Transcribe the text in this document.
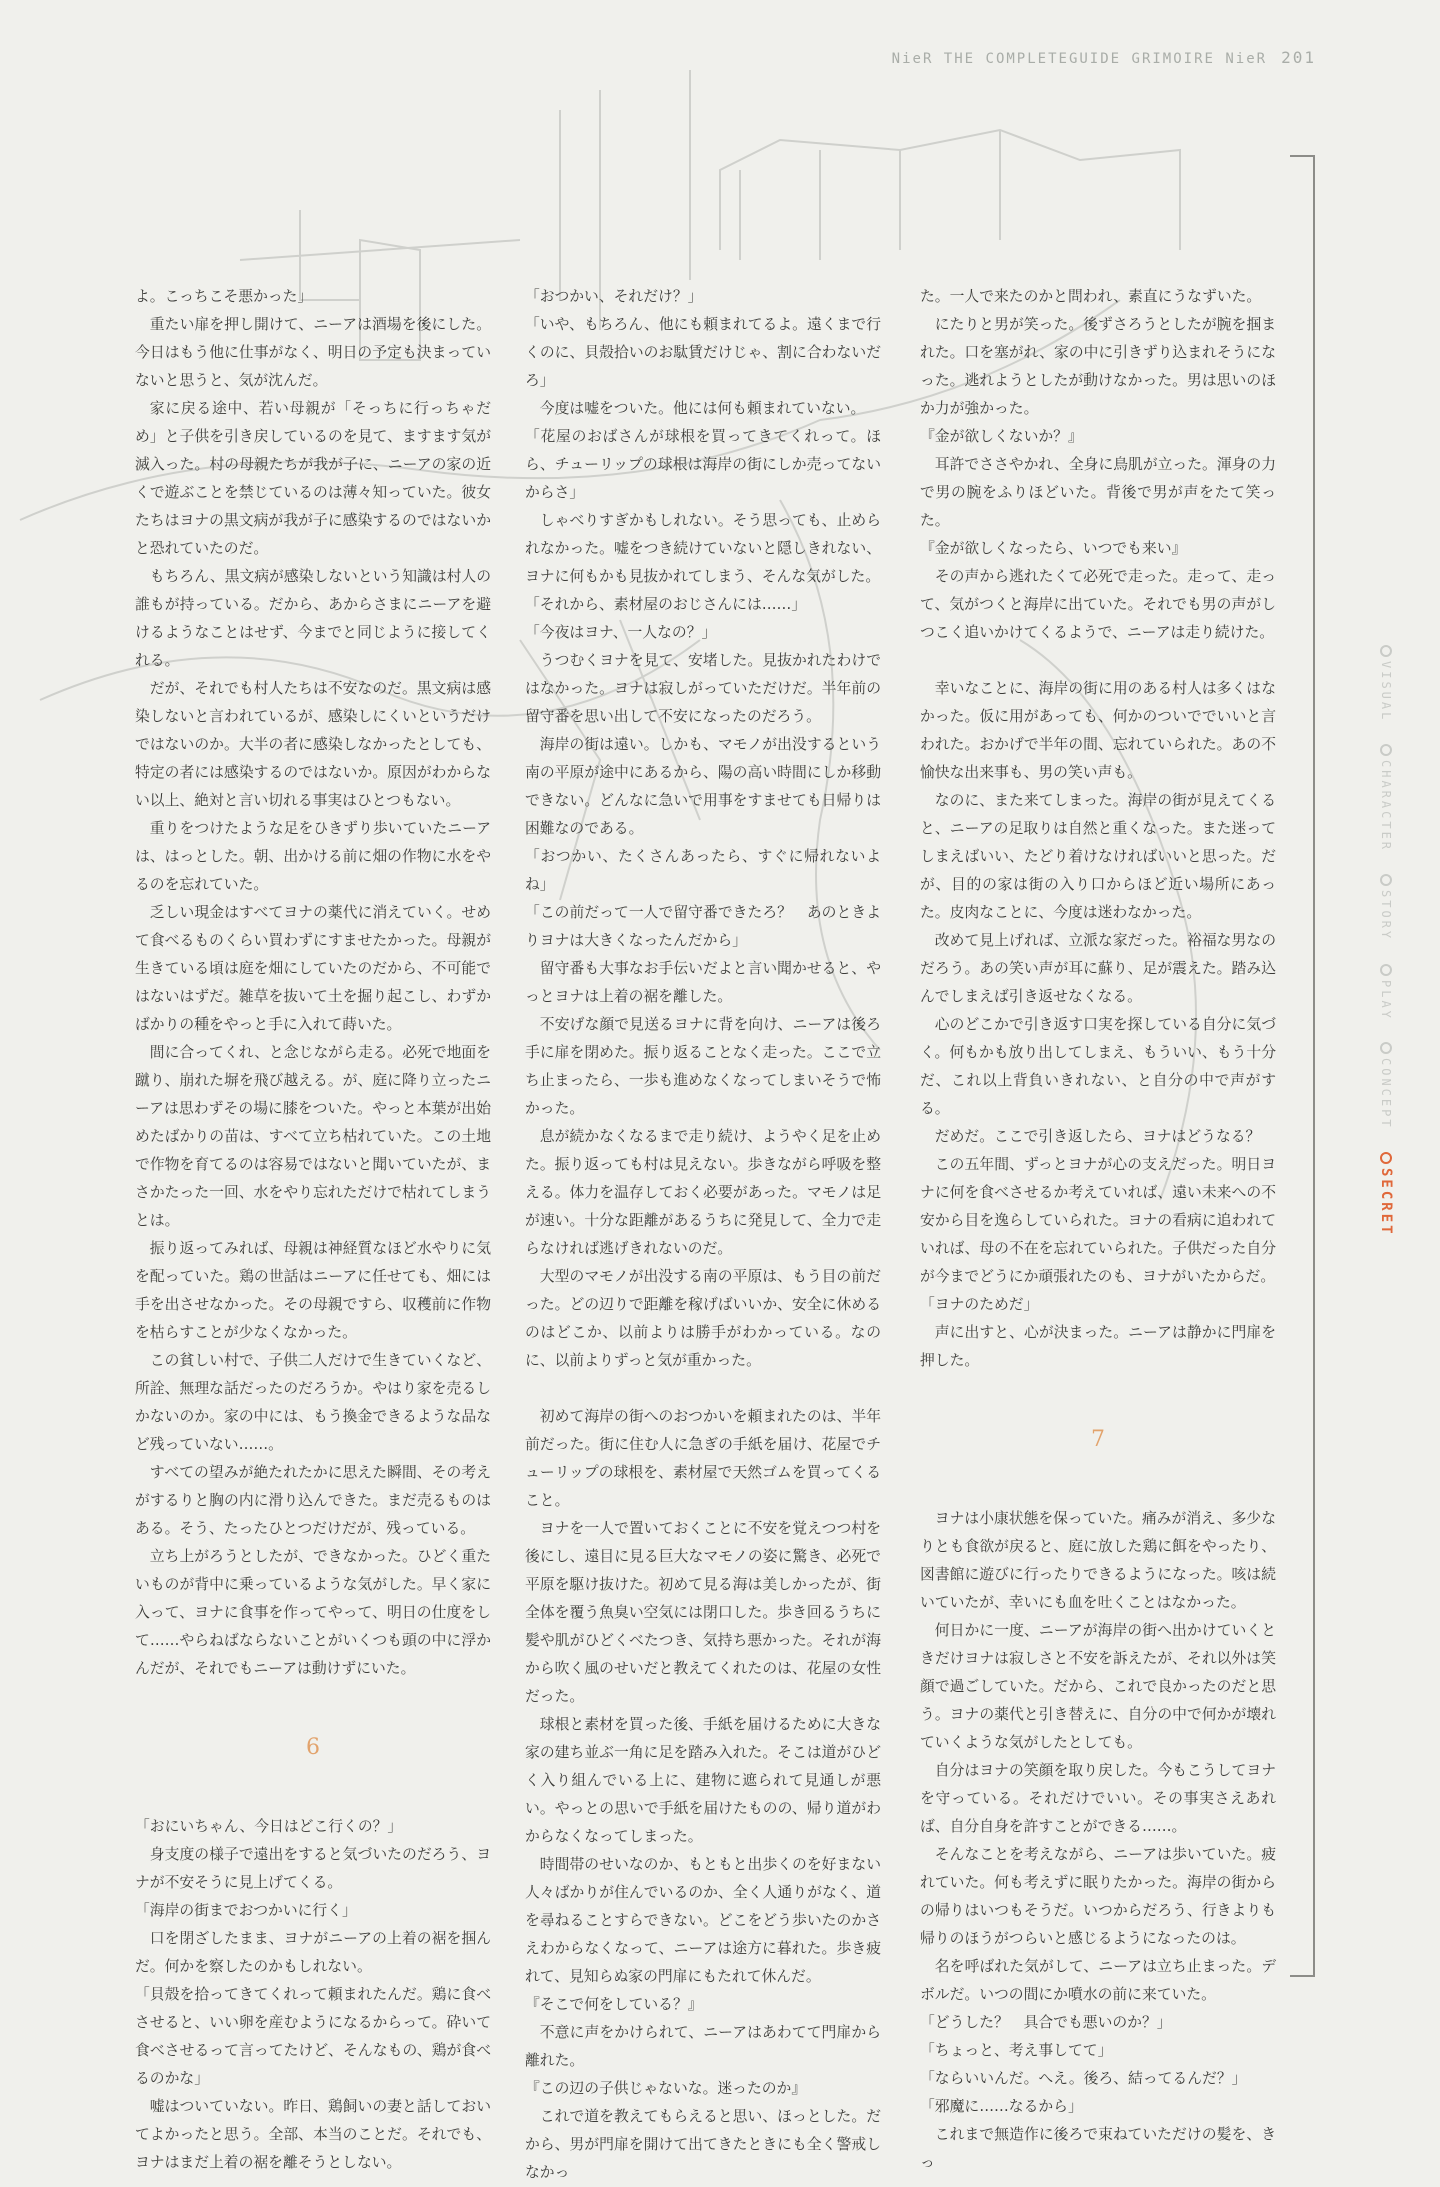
NieR THE COMPLETEGUIDE GRIMOIRE NieR 201

よ。こっちこそ悪かった」

重たい扉を押し開けて、ニーアは酒場を後にした。今日はもう他に仕事がなく、明日の予定も決まっていないと思うと、気が沈んだ。

家に戻る途中、若い母親が「そっちに行っちゃだめ」と子供を引き戻しているのを見て、ますます気が滅入った。村の母親たちが我が子に、ニーアの家の近くで遊ぶことを禁じているのは薄々知っていた。彼女たちはヨナの黒文病が我が子に感染するのではないかと恐れていたのだ。

もちろん、黒文病が感染しないという知識は村人の誰もが持っている。だから、あからさまにニーアを避けるようなことはせず、今までと同じように接してくれる。

だが、それでも村人たちは不安なのだ。黒文病は感染しないと言われているが、感染しにくいというだけではないのか。大半の者に感染しなかったとしても、特定の者には感染するのではないか。原因がわからない以上、絶対と言い切れる事実はひとつもない。

重りをつけたような足をひきずり歩いていたニーアは、はっとした。朝、出かける前に畑の作物に水をやるのを忘れていた。

乏しい現金はすべてヨナの薬代に消えていく。せめて食べるものくらい買わずにすませたかった。母親が生きている頃は庭を畑にしていたのだから、不可能ではないはずだ。雑草を抜いて土を掘り起こし、わずかばかりの種をやっと手に入れて蒔いた。

間に合ってくれ、と念じながら走る。必死で地面を蹴り、崩れた塀を飛び越える。が、庭に降り立ったニーアは思わずその場に膝をついた。やっと本葉が出始めたばかりの苗は、すべて立ち枯れていた。この土地で作物を育てるのは容易ではないと聞いていたが、まさかたった一回、水をやり忘れただけで枯れてしまうとは。

振り返ってみれば、母親は神経質なほど水やりに気を配っていた。鶏の世話はニーアに任せても、畑には手を出させなかった。その母親ですら、収穫前に作物を枯らすことが少なくなかった。

この貧しい村で、子供二人だけで生きていくなど、所詮、無理な話だったのだろうか。やはり家を売るしかないのか。家の中には、もう換金できるような品など残っていない……。

すべての望みが絶たれたかに思えた瞬間、その考えがするりと胸の内に滑り込んできた。まだ売るものはある。そう、たったひとつだけだが、残っている。

立ち上がろうとしたが、できなかった。ひどく重たいものが背中に乗っているような気がした。早く家に入って、ヨナに食事を作ってやって、明日の仕度をして……やらねばならないことがいくつも頭の中に浮かんだが、それでもニーアは動けずにいた。

6

「おにいちゃん、今日はどこ行くの？」

身支度の様子で遠出をすると気づいたのだろう、ヨナが不安そうに見上げてくる。

「海岸の街までおつかいに行く」

口を閉ざしたまま、ヨナがニーアの上着の裾を掴んだ。何かを察したのかもしれない。

「貝殻を拾ってきてくれって頼まれたんだ。鶏に食べさせると、いい卵を産むようになるからって。砕いて食べさせるって言ってたけど、そんなもの、鶏が食べるのかな」

嘘はついていない。昨日、鶏飼いの妻と話しておいてよかったと思う。全部、本当のことだ。それでも、ヨナはまだ上着の裾を離そうとしない。

「おつかい、それだけ？」

「いや、もちろん、他にも頼まれてるよ。遠くまで行くのに、貝殻拾いのお駄賃だけじゃ、割に合わないだろ」

今度は嘘をついた。他には何も頼まれていない。

「花屋のおばさんが球根を買ってきてくれって。ほら、チューリップの球根は海岸の街にしか売ってないからさ」

しゃべりすぎかもしれない。そう思っても、止められなかった。嘘をつき続けていないと隠しきれない、ヨナに何もかも見抜かれてしまう、そんな気がした。

「それから、素材屋のおじさんには……」

「今夜はヨナ、一人なの？」

うつむくヨナを見て、安堵した。見抜かれたわけではなかった。ヨナは寂しがっていただけだ。半年前の留守番を思い出して不安になったのだろう。

海岸の街は遠い。しかも、マモノが出没するという南の平原が途中にあるから、陽の高い時間にしか移動できない。どんなに急いで用事をすませても日帰りは困難なのである。

「おつかい、たくさんあったら、すぐに帰れないよね」

「この前だって一人で留守番できたろ？　あのときよりヨナは大きくなったんだから」

留守番も大事なお手伝いだよと言い聞かせると、やっとヨナは上着の裾を離した。

不安げな顔で見送るヨナに背を向け、ニーアは後ろ手に扉を閉めた。振り返ることなく走った。ここで立ち止まったら、一歩も進めなくなってしまいそうで怖かった。

息が続かなくなるまで走り続け、ようやく足を止めた。振り返っても村は見えない。歩きながら呼吸を整える。体力を温存しておく必要があった。マモノは足が速い。十分な距離があるうちに発見して、全力で走らなければ逃げきれないのだ。

大型のマモノが出没する南の平原は、もう目の前だった。どの辺りで距離を稼げばいいか、安全に休めるのはどこか、以前よりは勝手がわかっている。なのに、以前よりずっと気が重かった。

初めて海岸の街へのおつかいを頼まれたのは、半年前だった。街に住む人に急ぎの手紙を届け、花屋でチューリップの球根を、素材屋で天然ゴムを買ってくること。

ヨナを一人で置いておくことに不安を覚えつつ村を後にし、遠目に見る巨大なマモノの姿に驚き、必死で平原を駆け抜けた。初めて見る海は美しかったが、街全体を覆う魚臭い空気には閉口した。歩き回るうちに髪や肌がひどくべたつき、気持ち悪かった。それが海から吹く風のせいだと教えてくれたのは、花屋の女性だった。

球根と素材を買った後、手紙を届けるために大きな家の建ち並ぶ一角に足を踏み入れた。そこは道がひどく入り組んでいる上に、建物に遮られて見通しが悪い。やっとの思いで手紙を届けたものの、帰り道がわからなくなってしまった。

時間帯のせいなのか、もともと出歩くのを好まない人々ばかりが住んでいるのか、全く人通りがなく、道を尋ねることすらできない。どこをどう歩いたのかさえわからなくなって、ニーアは途方に暮れた。歩き疲れて、見知らぬ家の門扉にもたれて休んだ。

『そこで何をしている？』

不意に声をかけられて、ニーアはあわてて門扉から離れた。

『この辺の子供じゃないな。迷ったのか』

これで道を教えてもらえると思い、ほっとした。だから、男が門扉を開けて出てきたときにも全く警戒しなかっ

た。一人で来たのかと問われ、素直にうなずいた。

にたりと男が笑った。後ずさろうとしたが腕を掴まれた。口を塞がれ、家の中に引きずり込まれそうになった。逃れようとしたが動けなかった。男は思いのほか力が強かった。

『金が欲しくないか？』

耳許でささやかれ、全身に鳥肌が立った。渾身の力で男の腕をふりほどいた。背後で男が声をたて笑った。

『金が欲しくなったら、いつでも来い』

その声から逃れたくて必死で走った。走って、走って、気がつくと海岸に出ていた。それでも男の声がしつこく追いかけてくるようで、ニーアは走り続けた。

幸いなことに、海岸の街に用のある村人は多くはなかった。仮に用があっても、何かのついででいいと言われた。おかげで半年の間、忘れていられた。あの不愉快な出来事も、男の笑い声も。

なのに、また来てしまった。海岸の街が見えてくると、ニーアの足取りは自然と重くなった。また迷ってしまえばいい、たどり着けなければいいと思った。だが、目的の家は街の入り口からほど近い場所にあった。皮肉なことに、今度は迷わなかった。

改めて見上げれば、立派な家だった。裕福な男なのだろう。あの笑い声が耳に蘇り、足が震えた。踏み込んでしまえば引き返せなくなる。

心のどこかで引き返す口実を探している自分に気づく。何もかも放り出してしまえ、もういい、もう十分だ、これ以上背負いきれない、と自分の中で声がする。

だめだ。ここで引き返したら、ヨナはどうなる？

この五年間、ずっとヨナが心の支えだった。明日ヨナに何を食べさせるか考えていれば、遠い未来への不安から目を逸らしていられた。ヨナの看病に追われていれば、母の不在を忘れていられた。子供だった自分が今までどうにか頑張れたのも、ヨナがいたからだ。

「ヨナのためだ」

声に出すと、心が決まった。ニーアは静かに門扉を押した。

7

ヨナは小康状態を保っていた。痛みが消え、多少なりとも食欲が戻ると、庭に放した鶏に餌をやったり、図書館に遊びに行ったりできるようになった。咳は続いていたが、幸いにも血を吐くことはなかった。

何日かに一度、ニーアが海岸の街へ出かけていくときだけヨナは寂しさと不安を訴えたが、それ以外は笑顔で過ごしていた。だから、これで良かったのだと思う。ヨナの薬代と引き替えに、自分の中で何かが壊れていくような気がしたとしても。

自分はヨナの笑顔を取り戻した。今もこうしてヨナを守っている。それだけでいい。その事実さえあれば、自分自身を許すことができる……。

そんなことを考えながら、ニーアは歩いていた。疲れていた。何も考えずに眠りたかった。海岸の街からの帰りはいつもそうだ。いつからだろう、行きよりも帰りのほうがつらいと感じるようになったのは。

名を呼ばれた気がして、ニーアは立ち止まった。デボルだ。いつの間にか噴水の前に来ていた。

「どうした？　具合でも悪いのか？」

「ちょっと、考え事してて」

「ならいいんだ。へえ。後ろ、結ってるんだ？」

「邪魔に……なるから」

これまで無造作に後ろで束ねていただけの髪を、きっ

VISUAL
CHARACTER
STORY
PLAY
CONCEPT
SECRET
